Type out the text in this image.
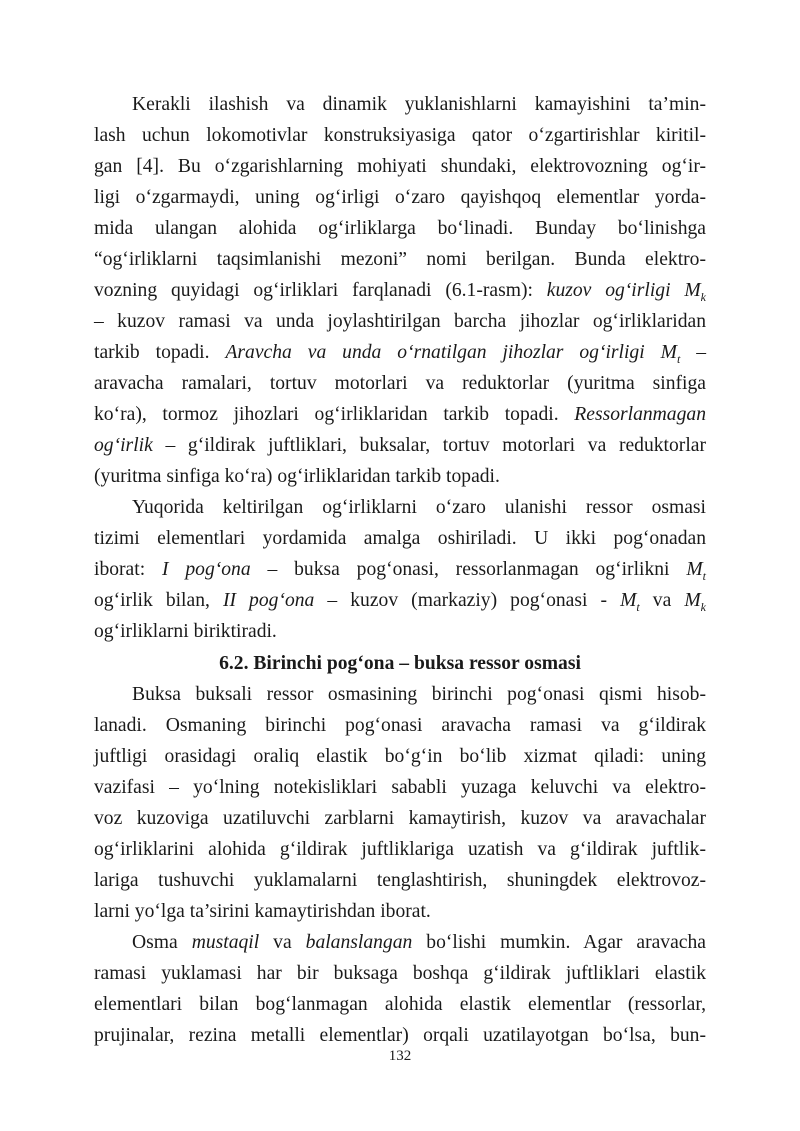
Kerakli ilashish va dinamik yuklanishlarni kamayishini ta’min-
lash uchun lokomotivlar konstruksiyasiga qator o‘zgartirishlar kiritil-
gan [4]. Bu o‘zgarishlarning mohiyati shundaki, elektrovozning og‘ir-
ligi o‘zgarmaydi, uning og‘irligi o‘zaro qayishqoq elementlar yorda-
mida ulangan alohida og‘irliklarga bo‘linadi. Bunday bo‘linishga
“og‘irliklarni taqsimlanishi mezoni” nomi berilgan. Bunda elektro-
vozning quyidagi og‘irliklari farqlanadi (6.1-rasm): kuzov og‘irligi $M_k$
– kuzov ramasi va unda joylashtirilgan barcha jihozlar og‘irliklaridan
tarkib topadi. Aravcha va unda o‘rnatilgan jihozlar og‘irligi $M_t$ –
aravacha ramalari, tortuv motorlari va reduktorlar (yuritma sinfiga
ko‘ra), tormoz jihozlari og‘irliklaridan tarkib topadi. Ressorlanmagan
og‘irlik – g‘ildirak juftliklari, buksalar, tortuv motorlari va reduktorlar
(yuritma sinfiga ko‘ra) og‘irliklaridan tarkib topadi.
Yuqorida keltirilgan og‘irliklarni o‘zaro ulanishi ressor osmasi
tizimi elementlari yordamida amalga oshiriladi. U ikki pog‘onadan
iborat: I pog‘ona – buksa pog‘onasi, ressorlanmagan og‘irlikni $M_t$
og‘irlik bilan, II pog‘ona – kuzov (markaziy) pog‘onasi - $M_t$ va $M_k$
og‘irliklarni biriktiradi.
6.2. Birinchi pog‘ona – buksa ressor osmasi
Buksa buksali ressor osmasining birinchi pog‘onasi qismi hisob-
lanadi. Osmaning birinchi pog‘onasi aravacha ramasi va g‘ildirak
juftligi orasidagi oraliq elastik bo‘g‘in bo‘lib xizmat qiladi: uning
vazifasi – yo‘lning notekisliklari sababli yuzaga keluvchi va elektro-
voz kuzoviga uzatiluvchi zarblarni kamaytirish, kuzov va aravachalar
og‘irliklarini alohida g‘ildirak juftliklariga uzatish va g‘ildirak juftlik-
lariga tushuvchi yuklamalarni tenglashtirish, shuningdek elektrovoz-
larni yo‘lga ta’sirini kamaytirishdan iborat.
Osma mustaqil va balanslangan bo‘lishi mumkin. Agar aravacha
ramasi yuklamasi har bir buksaga boshqa g‘ildirak juftliklari elastik
elementlari bilan bog‘lanmagan alohida elastik elementlar (ressorlar,
prujinalar, rezina metalli elementlar) orqali uzatilayotgan bo‘lsa, bun-
132
